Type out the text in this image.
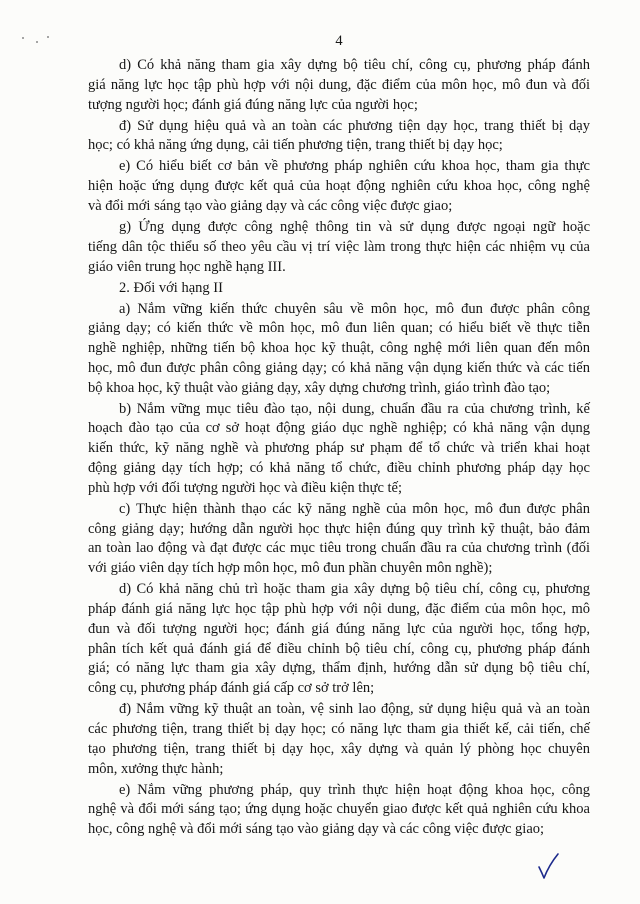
4
d) Có khả năng tham gia xây dựng bộ tiêu chí, công cụ, phương pháp đánh
giá năng lực học tập phù hợp với nội dung, đặc điểm của môn học, mô đun và đối
tượng người học; đánh giá đúng năng lực của người học;
đ) Sử dụng hiệu quả và an toàn các phương tiện dạy học, trang thiết bị dạy
học; có khả năng ứng dụng, cải tiến phương tiện, trang thiết bị dạy học;
e) Có hiểu biết cơ bản về phương pháp nghiên cứu khoa học, tham gia thực
hiện hoặc ứng dụng được kết quả của hoạt động nghiên cứu khoa học, công nghệ
và đổi mới sáng tạo vào giảng dạy và các công việc được giao;
g) Ứng dụng được công nghệ thông tin và sử dụng được ngoại ngữ hoặc
tiếng dân tộc thiểu số theo yêu cầu vị trí việc làm trong thực hiện các nhiệm vụ của
giáo viên trung học nghề hạng III.
2. Đối với hạng II
a) Nắm vững kiến thức chuyên sâu về môn học, mô đun được phân công
giảng dạy; có kiến thức về môn học, mô đun liên quan; có hiểu biết về thực tiễn
nghề nghiệp, những tiến bộ khoa học kỹ thuật, công nghệ mới liên quan đến môn
học, mô đun được phân công giảng dạy; có khả năng vận dụng kiến thức và các tiến
bộ khoa học, kỹ thuật vào giảng dạy, xây dựng chương trình, giáo trình đào tạo;
b) Nắm vững mục tiêu đào tạo, nội dung, chuẩn đầu ra của chương trình, kế
hoạch đào tạo của cơ sở hoạt động giáo dục nghề nghiệp; có khả năng vận dụng
kiến thức, kỹ năng nghề và phương pháp sư phạm để tổ chức và triển khai hoạt
động giảng dạy tích hợp; có khả năng tổ chức, điều chỉnh phương pháp dạy học
phù hợp với đối tượng người học và điều kiện thực tế;
c) Thực hiện thành thạo các kỹ năng nghề của môn học, mô đun được phân
công giảng dạy; hướng dẫn người học thực hiện đúng quy trình kỹ thuật, bảo đảm
an toàn lao động và đạt được các mục tiêu trong chuẩn đầu ra của chương trình (đối
với giáo viên dạy tích hợp môn học, mô đun phần chuyên môn nghề);
d) Có khả năng chủ trì hoặc tham gia xây dựng bộ tiêu chí, công cụ, phương
pháp đánh giá năng lực học tập phù hợp với nội dung, đặc điểm của môn học, mô
đun và đối tượng người học; đánh giá đúng năng lực của người học, tổng hợp,
phân tích kết quả đánh giá để điều chỉnh bộ tiêu chí, công cụ, phương pháp đánh
giá; có năng lực tham gia xây dựng, thẩm định, hướng dẫn sử dụng bộ tiêu chí,
công cụ, phương pháp đánh giá cấp cơ sở trở lên;
đ) Nắm vững kỹ thuật an toàn, vệ sinh lao động, sử dụng hiệu quả và an toàn
các phương tiện, trang thiết bị dạy học; có năng lực tham gia thiết kế, cải tiến, chế
tạo phương tiện, trang thiết bị dạy học, xây dựng và quản lý phòng học chuyên
môn, xưởng thực hành;
e) Nắm vững phương pháp, quy trình thực hiện hoạt động khoa học, công
nghệ và đổi mới sáng tạo; ứng dụng hoặc chuyển giao được kết quả nghiên cứu khoa
học, công nghệ và đổi mới sáng tạo vào giảng dạy và các công việc được giao;
